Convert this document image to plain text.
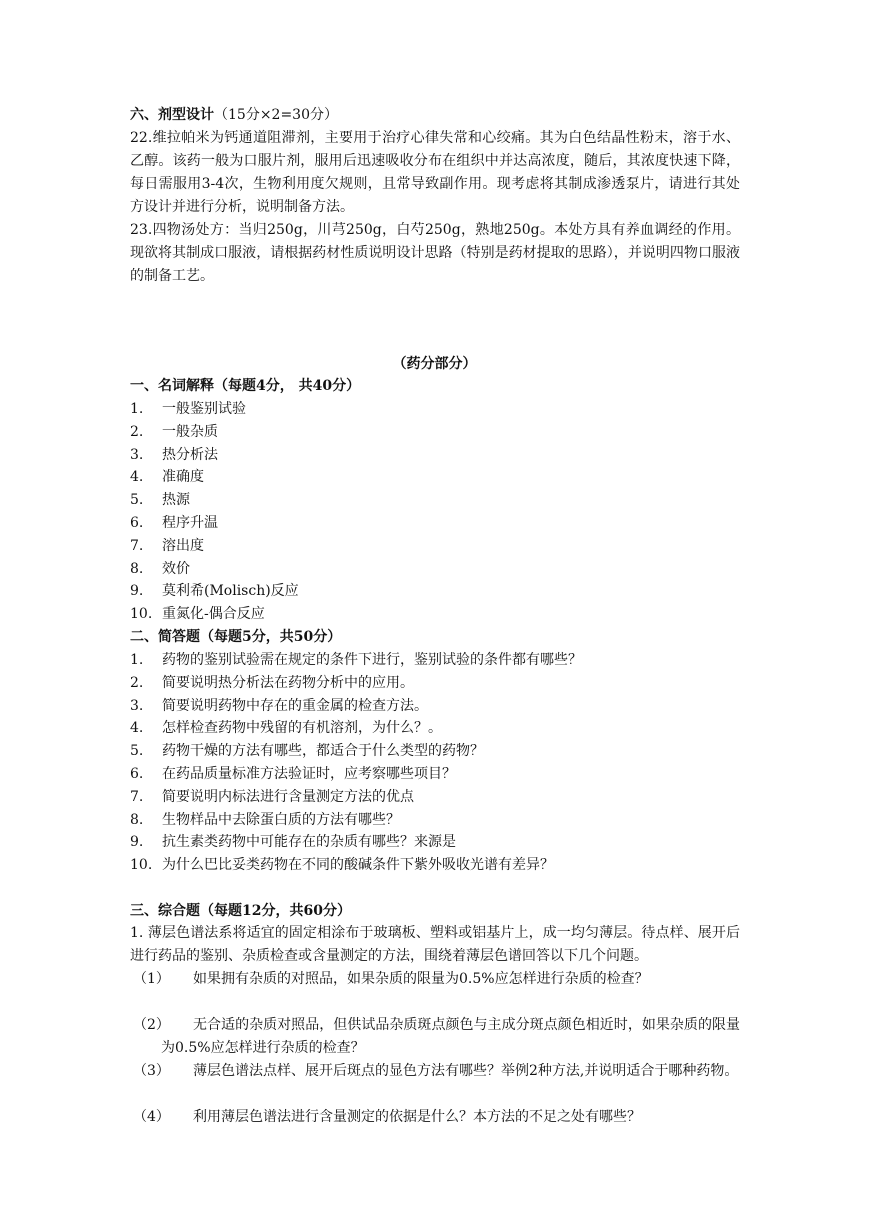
六、剂型设计（15分×2=30分）
22.维拉帕米为钙通道阻滞剂，主要用于治疗心律失常和心绞痛。其为白色结晶性粉末，溶于水、乙醇。该药一般为口服片剂，服用后迅速吸收分布在组织中并达高浓度，随后，其浓度快速下降，每日需服用3-4次，生物利用度欠规则，且常导致副作用。现考虑将其制成渗透泵片，请进行其处方设计并进行分析，说明制备方法。
23.四物汤处方：当归250g，川芎250g，白芍250g，熟地250g。本处方具有养血调经的作用。现欲将其制成口服液，请根据药材性质说明设计思路（特别是药材提取的思路），并说明四物口服液的制备工艺。
（药分部分）
一、名词解释（每题4分， 共40分）
1. 一般鉴别试验
2. 一般杂质
3. 热分析法
4. 准确度
5. 热源
6. 程序升温
7. 溶出度
8. 效价
9. 莫利希(Molisch)反应
10. 重氮化-偶合反应
二、简答题（每题5分，共50分）
1. 药物的鉴别试验需在规定的条件下进行，鉴别试验的条件都有哪些？
2. 简要说明热分析法在药物分析中的应用。
3. 简要说明药物中存在的重金属的检查方法。
4. 怎样检查药物中残留的有机溶剂，为什么？。
5. 药物干燥的方法有哪些，都适合于什么类型的药物？
6. 在药品质量标准方法验证时，应考察哪些项目？
7. 简要说明内标法进行含量测定方法的优点
8. 生物样品中去除蛋白质的方法有哪些？
9. 抗生素类药物中可能存在的杂质有哪些？来源是
10. 为什么巴比妥类药物在不同的酸碱条件下紫外吸收光谱有差异？
三、综合题（每题12分，共60分）
1. 薄层色谱法系将适宜的固定相涂布于玻璃板、塑料或铝基片上，成一均匀薄层。待点样、展开后进行药品的鉴别、杂质检查或含量测定的方法，围绕着薄层色谱回答以下几个问题。
（1）	如果拥有杂质的对照品，如果杂质的限量为0.5%应怎样进行杂质的检查？
（2）	无合适的杂质对照品，但供试品杂质斑点颜色与主成分斑点颜色相近时，如果杂质的限量为0.5%应怎样进行杂质的检查？
（3）	薄层色谱法点样、展开后斑点的显色方法有哪些？举例2种方法,并说明适合于哪种药物。
（4）	利用薄层色谱法进行含量测定的依据是什么？本方法的不足之处有哪些？
